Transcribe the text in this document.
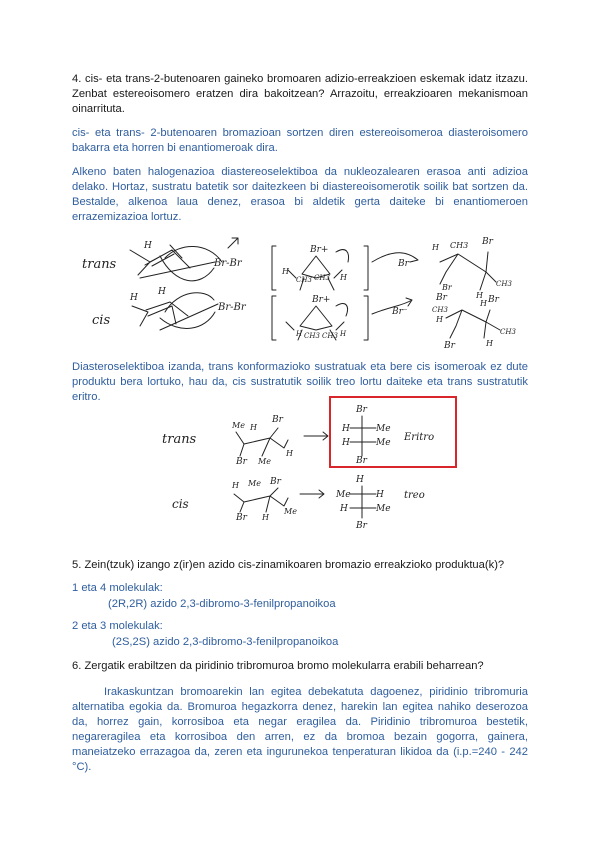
4. cis- eta trans-2-butenoaren gaineko bromoaren adizio-erreakzioen eskemak idatz itzazu. Zenbat estereoisomero eratzen dira bakoitzean? Arrazoitu, erreakzioaren mekanismoan oinarrituta.

cis- eta trans- 2-butenoaren bromazioan sortzen diren estereoisomeroa diasteroisomero bakarra eta horren bi enantiomeroak dira.

Alkeno baten halogenazioa diastereoselektiboa da nukleozalearen erasoa anti adizioa delako. Hortaz, sustratu batetik sor daitezkeen bi diastereoisomerotik soilik bat sortzen da. Bestalde, alkenoa laua denez, erasoa bi aldetik gerta daiteke bi enantiomeroen errazemizazioa lortuz.

trans
cis
H
Br-Br
H
H
Br-Br
Br+
CH3 CH3
H
H
Br⁻
H CH3 Br
CH3
H
Br
Br+
H CH3 CH3 H
Br⁻
Br
CH3
H
H Br
CH3
Br	H

Diasteroselektiboa izanda, trans konformazioko sustratuak eta bere cis isomeroak ez dute produktu bera lortuko, hau da, cis sustratutik soilik treo lortu daiteke eta trans sustratutik eritro.

trans
cis
Me H
Br
Br Me
H
Br
H	Me
H	Me
Br
Eritro
H Me Br
Br H
Me
H
Me	H
H	Me
Br
treo

5. Zein(tzuk) izango z(ir)en azido cis-zinamikoaren bromazio erreakzioko produktua(k)?

1 eta 4 molekulak:
(2R,2R) azido 2,3-dibromo-3-fenilpropanoikoa
2 eta 3 molekulak:
(2S,2S) azido 2,3-dibromo-3-fenilpropanoikoa

6. Zergatik erabiltzen da piridinio tribromuroa bromo molekularra erabili beharrean?

Irakaskuntzan bromoarekin lan egitea debekatuta dagoenez, piridinio tribromuria alternatiba egokia da. Bromuroa hegazkorra denez, harekin lan egitea nahiko deserozoa da, horrez gain, korrosiboa eta negar eragilea da. Piridinio tribromuroa bestetik, negareragilea eta korrosiboa den arren, ez da bromoa bezain gogorra, gainera, maneiatzeko errazagoa da, zeren eta ingurunekoa tenperaturan likidoa da (i.p.=240 - 242 °C).
